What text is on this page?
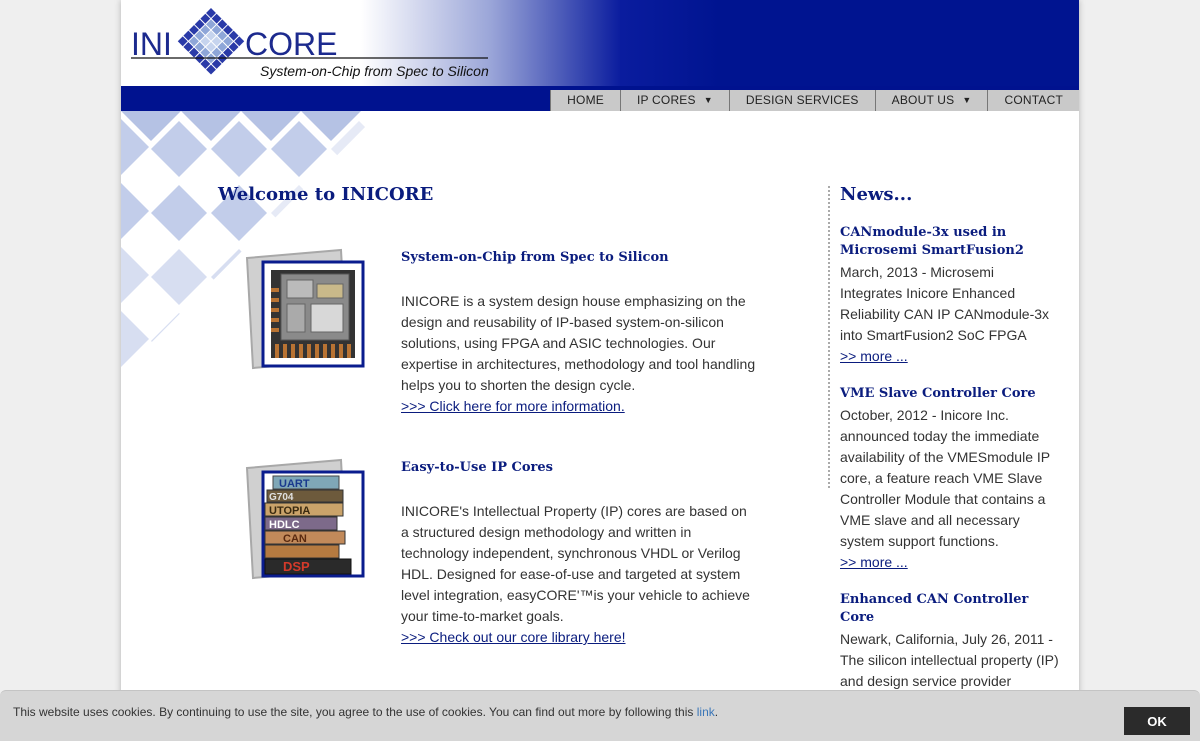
INI CORE
System-on-Chip from Spec to Silicon
HOME	IP CORES ▼	DESIGN SERVICES	ABOUT US ▼	CONTACT
Welcome to INICORE
System-on-Chip from Spec to Silicon
INICORE is a system design house emphasizing on the design and reusability of IP-based system-on-silicon solutions, using FPGA and ASIC technologies. Our expertise in architectures, methodology and tool handling helps you to shorten the design cycle.
>>> Click here for more information.
UART
G704
UTOPIA
HDLC
CAN
DSP
Easy-to-Use IP Cores
INICORE's Intellectual Property (IP) cores are based on a structured design methodology and written in technology independent, synchronous VHDL or Verilog HDL. Designed for ease-of-use and targeted at system level integration, easyCORE'™is your vehicle to achieve your time-to-market goals.
>>> Check out our core library here!
News...
CANmodule-3x used in Microsemi SmartFusion2

March, 2013 - Microsemi Integrates Inicore Enhanced Reliability CAN IP CANmodule-3x into SmartFusion2 SoC FPGA

>> more ...
VME Slave Controller Core

October, 2012 - Inicore Inc. announced today the immediate availability of the VMESmodule IP core, a feature reach VME Slave Controller Module that contains a VME slave and all necessary system support functions.

>> more ...
Enhanced CAN Controller Core

Newark, California, July 26, 2011 - The silicon intellectual property (IP) and design service provider

This website uses cookies. By continuing to use the site, you agree to the use of cookies. You can find out more by following this link.

OK
